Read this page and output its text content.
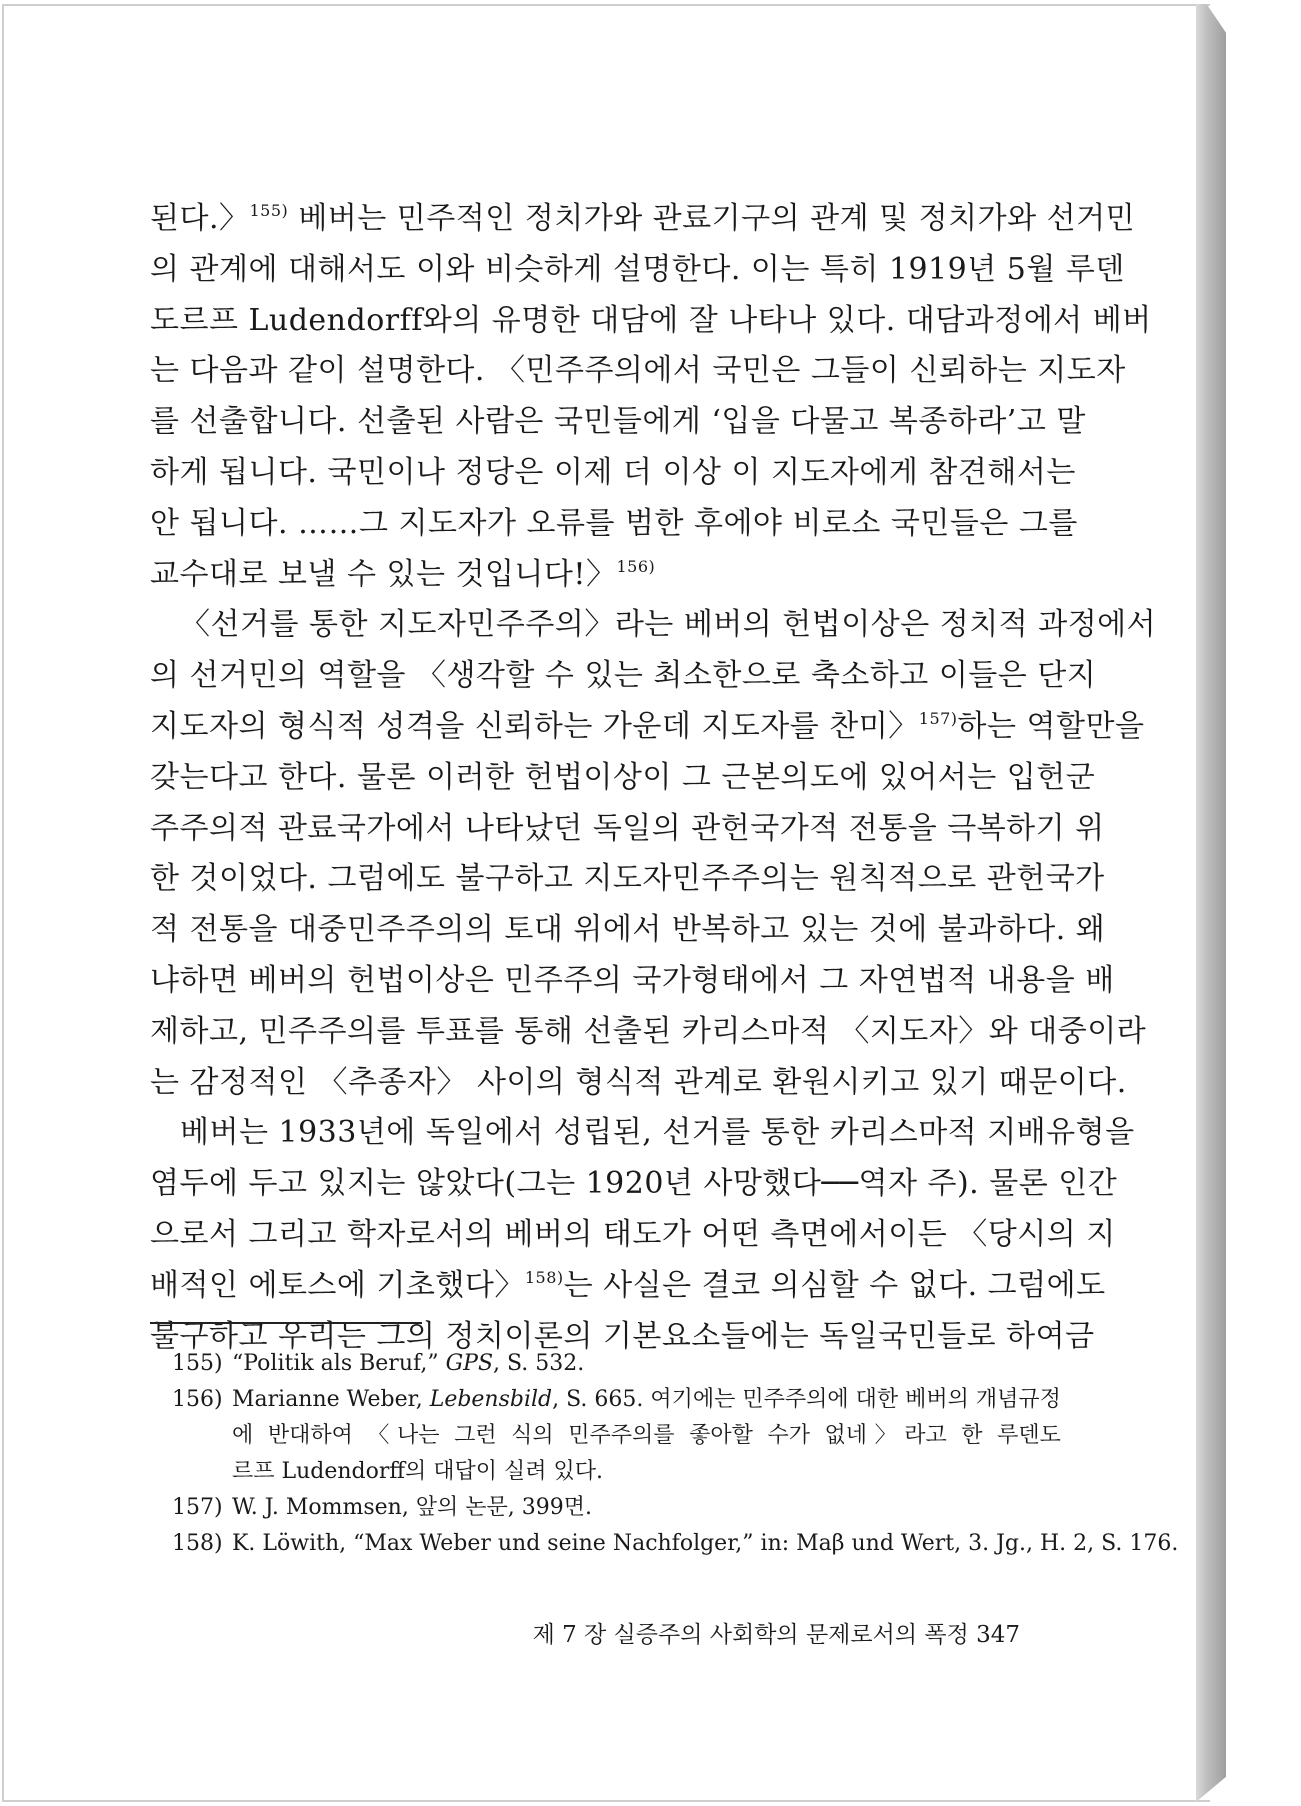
된다.〉$^{155)}$ 베버는 민주적인 정치가와 관료기구의 관계 및 정치가와 선거민
의 관계에 대해서도 이와 비슷하게 설명한다. 이는 특히 1919년 5월 루덴
도르프 Ludendorff와의 유명한 대담에 잘 나타나 있다. 대담과정에서 베버
는 다음과 같이 설명한다. 〈민주주의에서 국민은 그들이 신뢰하는 지도자
를 선출합니다. 선출된 사람은 국민들에게 ‘입을 다물고 복종하라’고 말
하게 됩니다. 국민이나 정당은 이제 더 이상 이 지도자에게 참견해서는
안 됩니다. ……그 지도자가 오류를 범한 후에야 비로소 국민들은 그를
교수대로 보낼 수 있는 것입니다!〉$^{156)}$
〈선거를 통한 지도자민주주의〉라는 베버의 헌법이상은 정치적 과정에서
의 선거민의 역할을 〈생각할 수 있는 최소한으로 축소하고 이들은 단지
지도자의 형식적 성격을 신뢰하는 가운데 지도자를 찬미〉$^{157)}$하는 역할만을
갖는다고 한다. 물론 이러한 헌법이상이 그 근본의도에 있어서는 입헌군
주주의적 관료국가에서 나타났던 독일의 관헌국가적 전통을 극복하기 위
한 것이었다. 그럼에도 불구하고 지도자민주주의는 원칙적으로 관헌국가
적 전통을 대중민주주의의 토대 위에서 반복하고 있는 것에 불과하다. 왜
냐하면 베버의 헌법이상은 민주주의 국가형태에서 그 자연법적 내용을 배
제하고, 민주주의를 투표를 통해 선출된 카리스마적 〈지도자〉와 대중이라
는 감정적인 〈추종자〉 사이의 형식적 관계로 환원시키고 있기 때문이다.
베버는 1933년에 독일에서 성립된, 선거를 통한 카리스마적 지배유형을
염두에 두고 있지는 않았다(그는 1920년 사망했다──역자 주). 물론 인간
으로서 그리고 학자로서의 베버의 태도가 어떤 측면에서이든 〈당시의 지
배적인 에토스에 기초했다〉$^{158)}$는 사실은 결코 의심할 수 없다. 그럼에도
불구하고 우리는 그의 정치이론의 기본요소들에는 독일국민들로 하여금
155) “Politik als Beruf,” GPS, S. 532.
156) Marianne Weber, Lebensbild, S. 665. 여기에는 민주주의에 대한 베버의 개념규정
에 반대하여 〈나는 그런 식의 민주주의를 좋아할 수가 없네〉라고 한 루덴도
르프 Ludendorff의 대답이 실려 있다.
157) W. J. Mommsen, 앞의 논문, 399면.
158) K. Löwith, “Max Weber und seine Nachfolger,” in: Maβ und Wert, 3. Jg., H. 2, S. 176.
제 7 장 실증주의 사회학의 문제로서의 폭정 347
